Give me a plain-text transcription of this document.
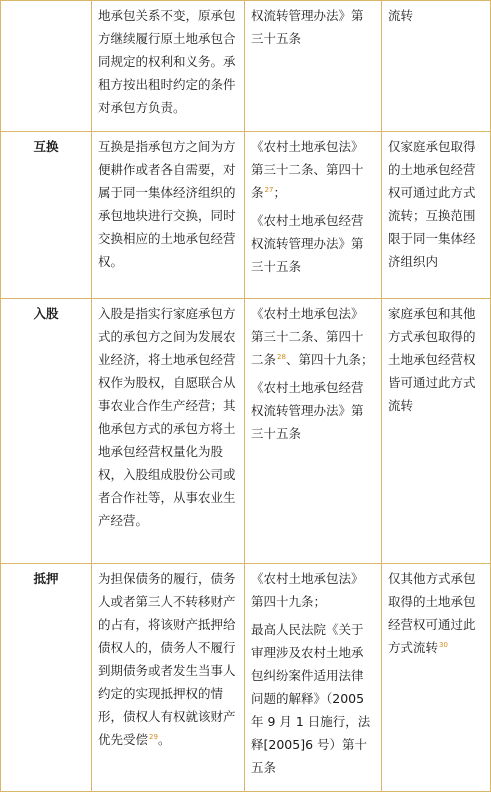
	地承包关系不变，原承包方继续履行原土地承包合同规定的权利和义务。承租方按出租时约定的条件对承包方负责。	权流转管理办法》第三十五条	流转

互换	互换是指承包方之间为方便耕作或者各自需要，对属于同一集体经济组织的承包地块进行交换，同时交换相应的土地承包经营权。	《农村土地承包法》第三十二条、第四十条$^{27}$；
《农村土地承包经营权流转管理办法》第三十五条	仅家庭承包取得的土地承包经营权可通过此方式流转；互换范围限于同一集体经济组织内

入股	入股是指实行家庭承包方式的承包方之间为发展农业经济，将土地承包经营权作为股权，自愿联合从事农业合作生产经营；其他承包方式的承包方将土地承包经营权量化为股权，入股组成股份公司或者合作社等，从事农业生产经营。	《农村土地承包法》第三十二条、第四十二条$^{28}$、第四十九条；
《农村土地承包经营权流转管理办法》第三十五条	家庭承包和其他方式承包取得的土地承包经营权皆可通过此方式流转

抵押	为担保债务的履行，债务人或者第三人不转移财产的占有，将该财产抵押给债权人的，债务人不履行到期债务或者发生当事人约定的实现抵押权的情形，债权人有权就该财产优先受偿$^{29}$。	《农村土地承包法》第四十九条；
最高人民法院《关于审理涉及农村土地承包纠纷案件适用法律问题的解释》（2005 年 9 月 1 日施行，法释[2005]6 号）第十五条	仅其他方式承包取得的土地承包经营权可通过此方式流转$^{30}$
